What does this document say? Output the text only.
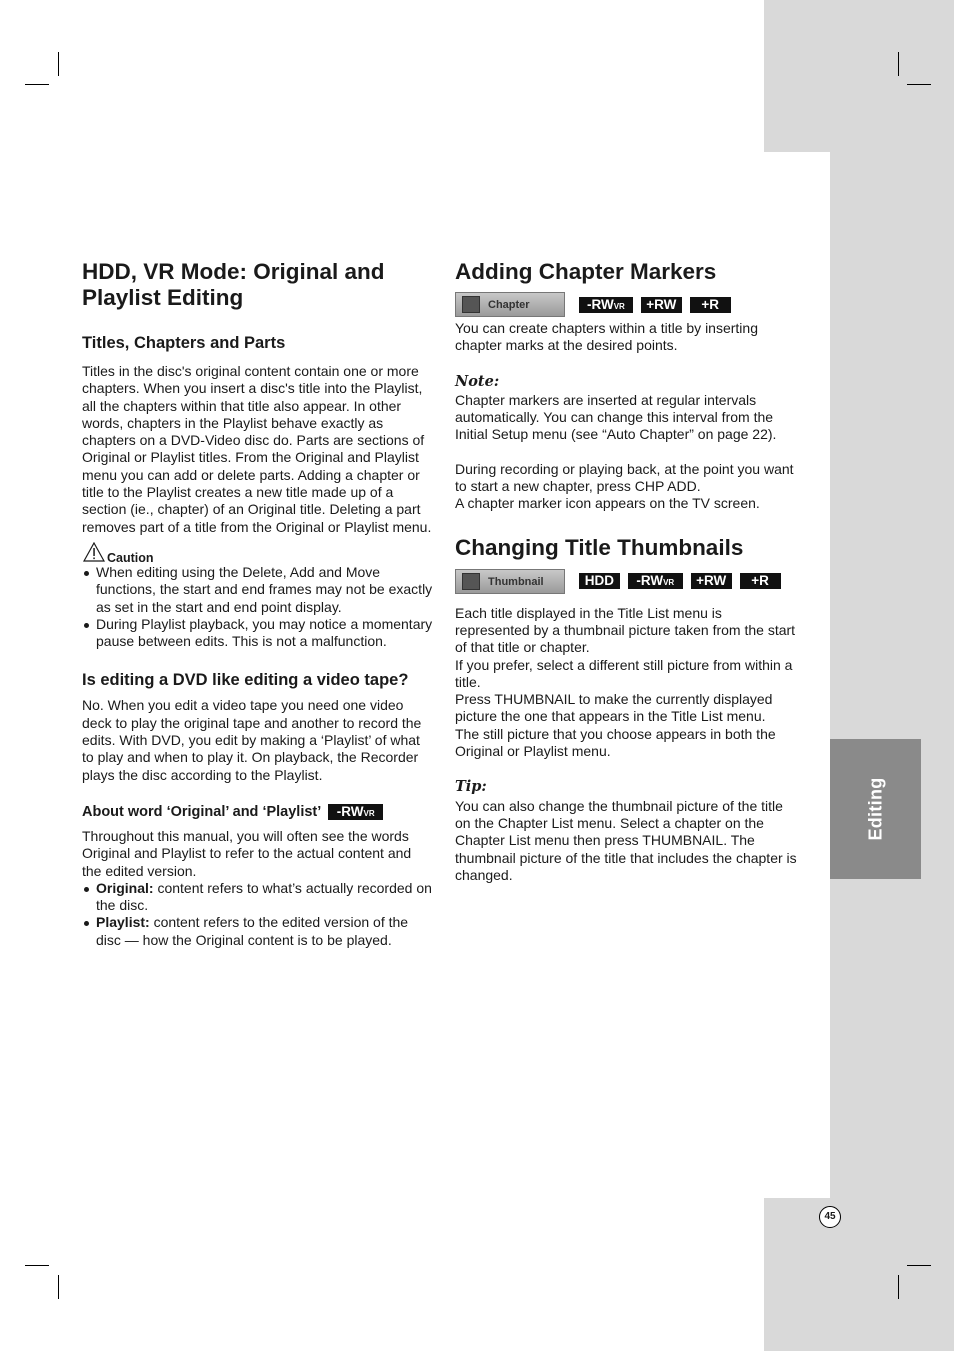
Editing
45
HDD, VR Mode: Original and Playlist Editing
Titles, Chapters and Parts

Titles in the disc's original content contain one or more chapters. When you insert a disc's title into the Playlist, all the chapters within that title also appear. In other words, chapters in the Playlist behave exactly as chapters on a DVD-Video disc do. Parts are sections of Original or Playlist titles. From the Original and Playlist menu you can add or delete parts. Adding a chapter or title to the Playlist creates a new title made up of a section (ie., chapter) of an Original title. Deleting a part removes part of a title from the Original or Playlist menu.

Caution

When editing using the Delete, Add and Move functions, the start and end frames may not be exactly as set in the start and end point display.

During Playlist playback, you may notice a momentary pause between edits. This is not a malfunction.

Is editing a DVD like editing a video tape?

No. When you edit a video tape you need one video deck to play the original tape and another to record the edits. With DVD, you edit by making a ‘Playlist’ of what to play and when to play it. On playback, the Recorder plays the disc according to the Playlist.

About word ‘Original’ and ‘Playlist’ -RWVR

Throughout this manual, you will often see the words Original and Playlist to refer to the actual content and the edited version.

Original: content refers to what’s actually recorded on the disc.

Playlist: content refers to the edited version of the disc — how the Original content is to be played.

Adding Chapter Markers
Chapter	-RWVR +RW +R

You can create chapters within a title by inserting chapter marks at the desired points.

Note:

Chapter markers are inserted at regular intervals automatically. You can change this interval from the Initial Setup menu (see “Auto Chapter” on page 22).

During recording or playing back, at the point you want to start a new chapter, press CHP ADD.

A chapter marker icon appears on the TV screen.

Changing Title Thumbnails
Thumbnail	HDD -RWVR +RW +R

Each title displayed in the Title List menu is represented by a thumbnail picture taken from the start of that title or chapter.

If you prefer, select a different still picture from within a title.

Press THUMBNAIL to make the currently displayed picture the one that appears in the Title List menu.

The still picture that you choose appears in both the Original or Playlist menu.

Tip:

You can also change the thumbnail picture of the title on the Chapter List menu. Select a chapter on the Chapter List menu then press THUMBNAIL. The thumbnail picture of the title that includes the chapter is changed.
